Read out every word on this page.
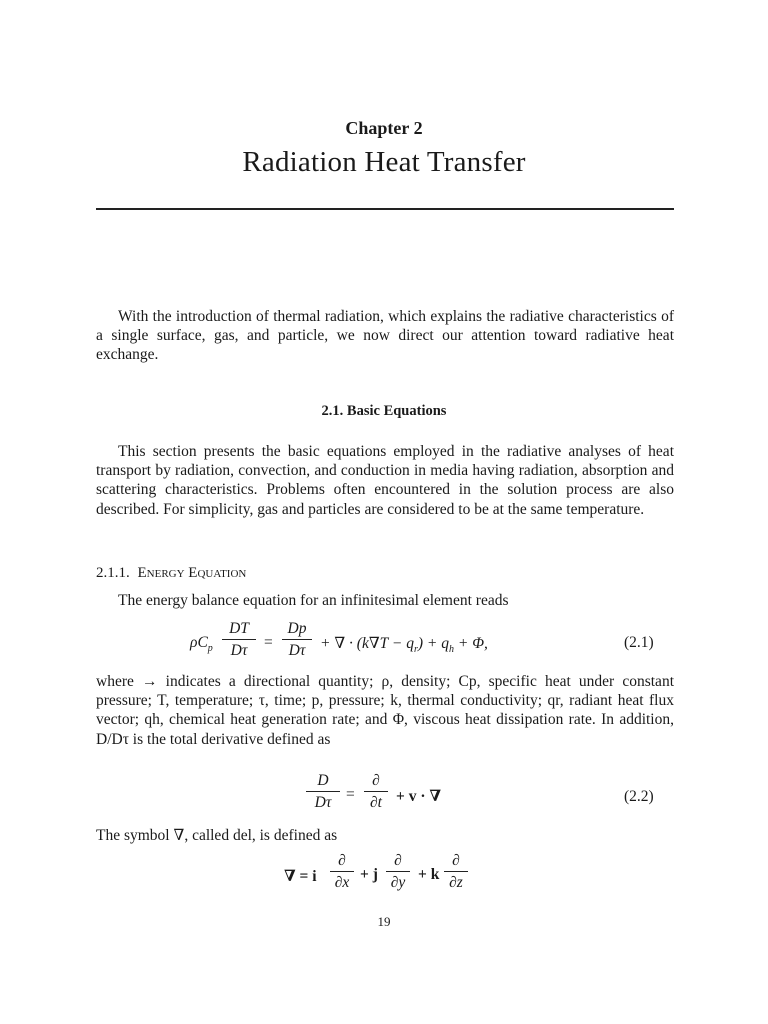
Chapter 2
Radiation Heat Transfer
With the introduction of thermal radiation, which explains the radiative characteristics of a single surface, gas, and particle, we now direct our attention toward radiative heat exchange.
2.1. Basic Equations
This section presents the basic equations employed in the radiative analyses of heat transport by radiation, convection, and conduction in media having radiation, absorption and scattering characteristics. Problems often encountered in the solution process are also described. For simplicity, gas and particles are considered to be at the same temperature.
2.1.1. Energy Equation
The energy balance equation for an infinitesimal element reads
$\rho C_p$
DT
Dτ	=
Dp
Dτ + ∇ · $(k\nabla T - q_r) + q_h + \Phi$,	(2.1)
where → indicates a directional quantity; ρ, density; Cp, specific heat under constant pressure; T, temperature; τ, time; p, pressure; k, thermal conductivity; qr, radiant heat flux vector; qh, chemical heat generation rate; and Φ, viscous heat dissipation rate. In addition, D/Dτ is the total derivative defined as
D
Dτ =
∂
∂t + v · ∇	(2.2)
The symbol ∇, called del, is defined as
∇ = i
∂
∂x + j
∂
∂y + k
∂
∂z
19
